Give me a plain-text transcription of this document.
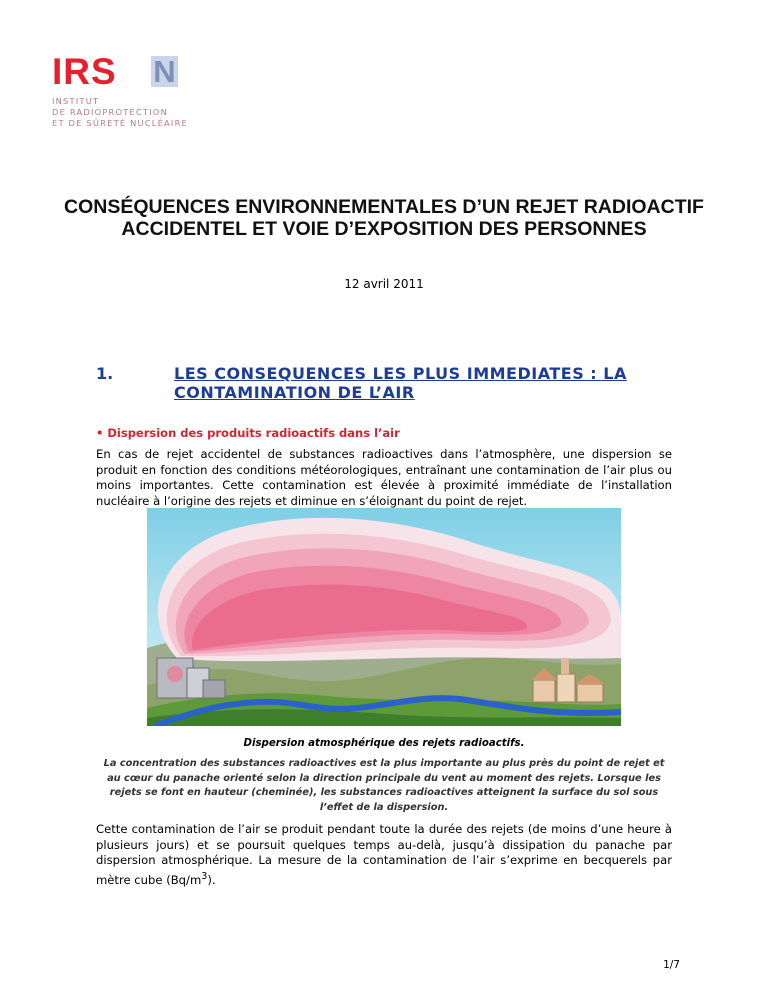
IRS N
INSTITUT
DE RADIOPROTECTION
ET DE SÛRETÉ NUCLÉAIRE
CONSÉQUENCES ENVIRONNEMENTALES D’UN REJET RADIOACTIF ACCIDENTEL ET VOIE D’EXPOSITION DES PERSONNES
12 avril 2011
1.	LES CONSEQUENCES LES PLUS IMMEDIATES : LA CONTAMINATION DE L’AIR
• Dispersion des produits radioactifs dans l’air

En cas de rejet accidentel de substances radioactives dans l’atmosphère, une dispersion se produit en fonction des conditions météorologiques, entraînant une contamination de l’air plus ou moins importantes. Cette contamination est élevée à proximité immédiate de l’installation nucléaire à l’origine des rejets et diminue en s’éloignant du point de rejet.

Dispersion atmosphérique des rejets radioactifs.

La concentration des substances radioactives est la plus importante au plus près du point de rejet et au cœur du panache orienté selon la direction principale du vent au moment des rejets. Lorsque les rejets se font en hauteur (cheminée), les substances radioactives atteignent la surface du sol sous l’effet de la dispersion.

Cette contamination de l’air se produit pendant toute la durée des rejets (de moins d’une heure à plusieurs jours) et se poursuit quelques temps au-delà, jusqu’à dissipation du panache par dispersion atmosphérique. La mesure de la contamination de l’air s’exprime en becquerels par mètre cube $(Bq/m^3)$.

1/7
